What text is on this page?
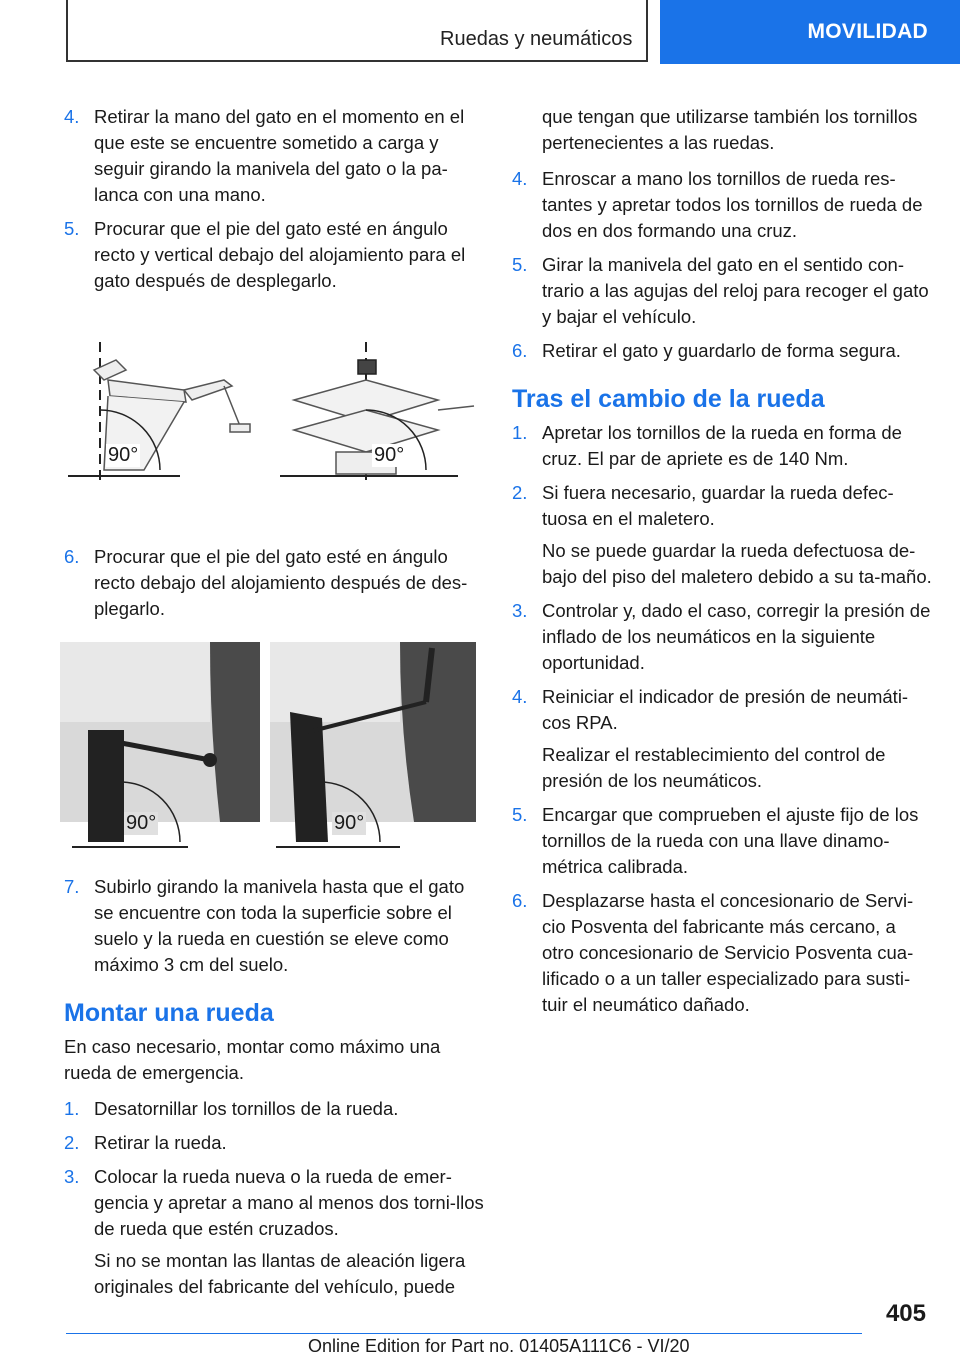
Ruedas y neumáticos	MOVILIDAD
4. Retirar la mano del gato en el momento en el que este se encuentre sometido a carga y seguir girando la manivela del gato o la pa‐lanca con una mano.

5. Procurar que el pie del gato esté en ángulo recto y vertical debajo del alojamiento para el gato después de desplegarlo.

90°	90°
6. Procurar que el pie del gato esté en ángulo recto debajo del alojamiento después de des‐plegarlo.

90°	90°
7. Subirlo girando la manivela hasta que el gato se encuentre con toda la superficie sobre el suelo y la rueda en cuestión se eleve como máximo 3 cm del suelo.

Montar una rueda

En caso necesario, montar como máximo una rueda de emergencia.

1. Desatornillar los tornillos de la rueda.

2. Retirar la rueda.

3. Colocar la rueda nueva o la rueda de emer‐gencia y apretar a mano al menos dos torni‐llos de rueda que estén cruzados.

Si no se montan las llantas de aleación ligera originales del fabricante del vehículo, puede

que tengan que utilizarse también los tornillos pertenecientes a las ruedas.

4. Enroscar a mano los tornillos de rueda res‐tantes y apretar todos los tornillos de rueda de dos en dos formando una cruz.

5. Girar la manivela del gato en el sentido con‐trario a las agujas del reloj para recoger el gato y bajar el vehículo.

6. Retirar el gato y guardarlo de forma segura.

Tras el cambio de la rueda
1. Apretar los tornillos de la rueda en forma de cruz. El par de apriete es de 140 Nm.

2. Si fuera necesario, guardar la rueda defec‐tuosa en el maletero.

No se puede guardar la rueda defectuosa de‐bajo del piso del maletero debido a su ta‐maño.

3. Controlar y, dado el caso, corregir la presión de inflado de los neumáticos en la siguiente oportunidad.

4. Reiniciar el indicador de presión de neumáti‐cos RPA.

Realizar el restablecimiento del control de presión de los neumáticos.

5. Encargar que comprueben el ajuste fijo de los tornillos de la rueda con una llave dinamo‐métrica calibrada.

6. Desplazarse hasta el concesionario de Servi‐cio Posventa del fabricante más cercano, a otro concesionario de Servicio Posventa cua‐lificado o a un taller especializado para susti‐tuir el neumático dañado.

405
Online Edition for Part no. 01405A111C6 - VI/20
